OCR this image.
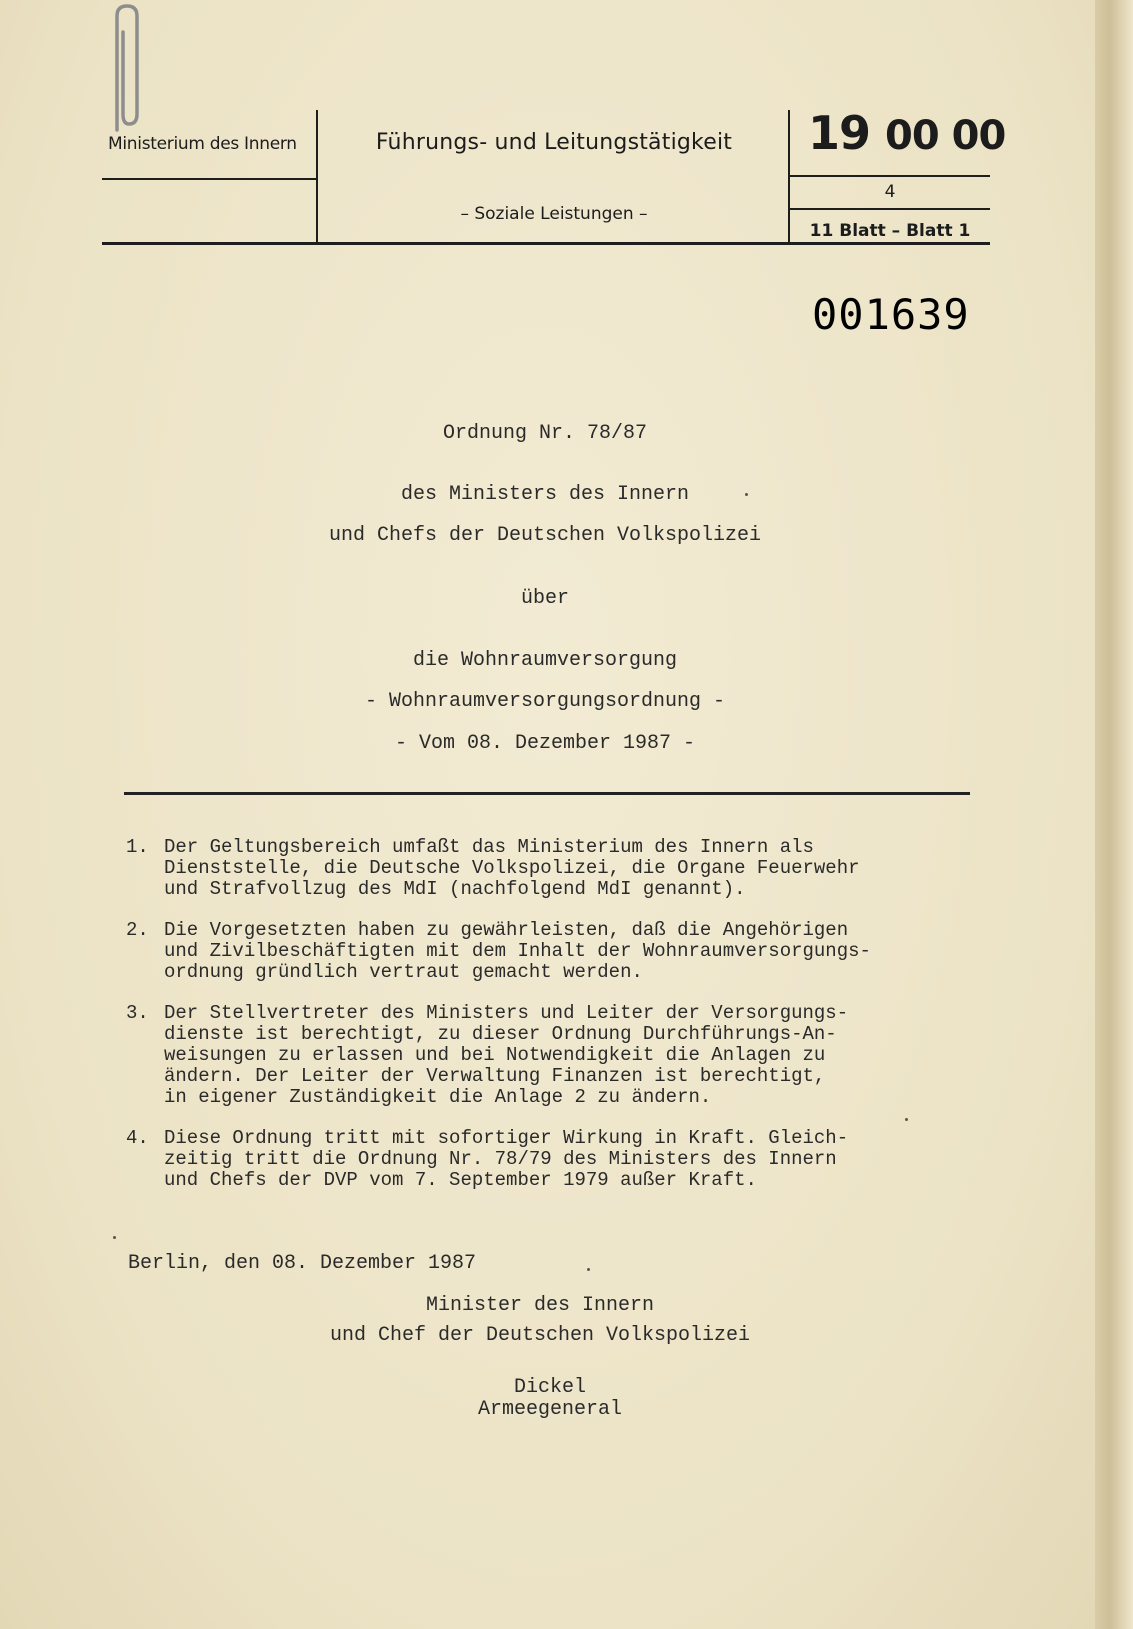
Ministerium des Innern	Führungs- und Leitungstätigkeit
– Soziale Leistungen –
19 00 00
4
11 Blatt – Blatt 1
001639
Ordnung Nr. 78/87
des Ministers des Innern
und Chefs der Deutschen Volkspolizei
über
die Wohnraumversorgung
- Wohnraumversorgungsordnung -
- Vom 08. Dezember 1987 -
1. Der Geltungsbereich umfaßt das Ministerium des Innern als
Dienststelle, die Deutsche Volkspolizei, die Organe Feuerwehr
und Strafvollzug des MdI (nachfolgend MdI genannt).
2. Die Vorgesetzten haben zu gewährleisten, daß die Angehörigen
und Zivilbeschäftigten mit dem Inhalt der Wohnraumversorgungs-
ordnung gründlich vertraut gemacht werden.
3. Der Stellvertreter des Ministers und Leiter der Versorgungs-
dienste ist berechtigt, zu dieser Ordnung Durchführungs-An-
weisungen zu erlassen und bei Notwendigkeit die Anlagen zu
ändern. Der Leiter der Verwaltung Finanzen ist berechtigt,
in eigener Zuständigkeit die Anlage 2 zu ändern.
4. Diese Ordnung tritt mit sofortiger Wirkung in Kraft. Gleich-
zeitig tritt die Ordnung Nr. 78/79 des Ministers des Innern
und Chefs der DVP vom 7. September 1979 außer Kraft.
Berlin, den 08. Dezember 1987
Minister des Innern
und Chef der Deutschen Volkspolizei
Dickel
Armeegeneral
